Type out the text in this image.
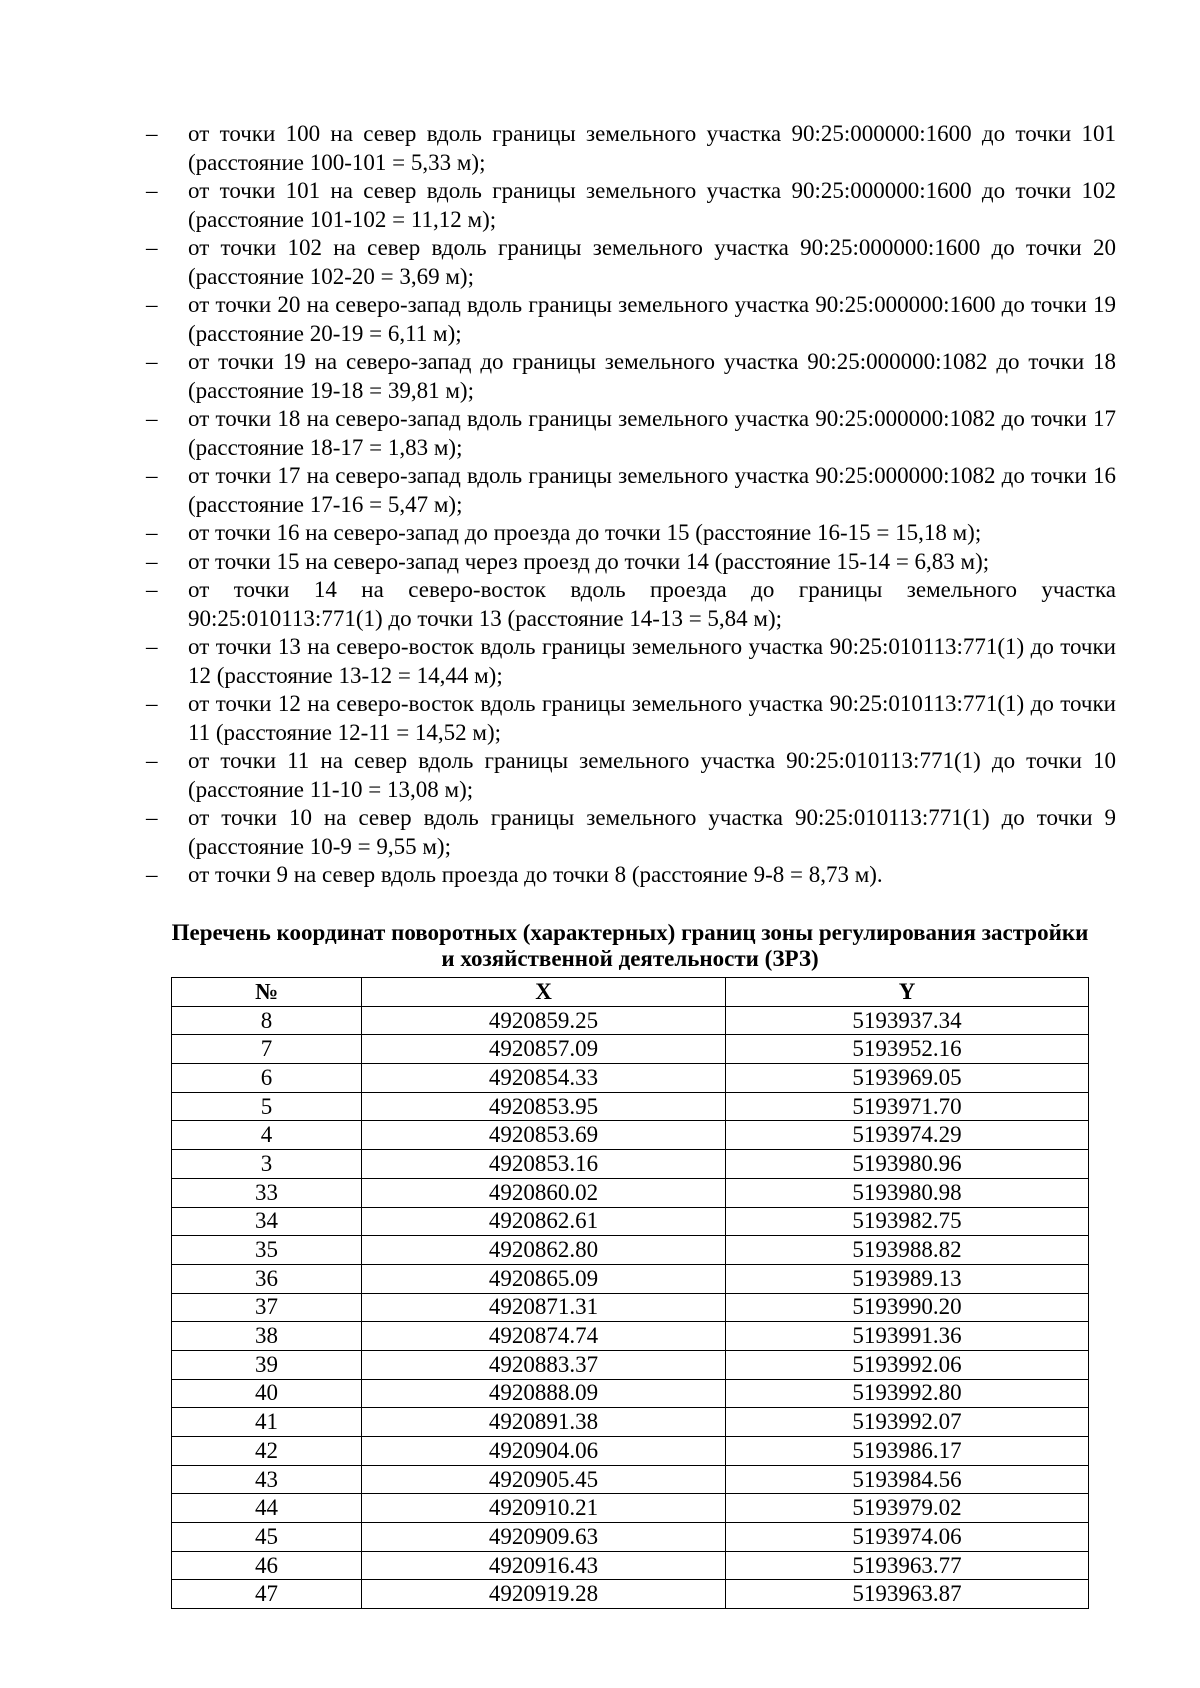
– от точки 100 на север вдоль границы земельного участка 90:25:000000:1600 до точки 101 (расстояние 100-101 = 5,33 м);
– от точки 101 на север вдоль границы земельного участка 90:25:000000:1600 до точки 102 (расстояние 101-102 = 11,12 м);
– от точки 102 на север вдоль границы земельного участка 90:25:000000:1600 до точки 20 (расстояние 102-20 = 3,69 м);
– от точки 20 на северо-запад вдоль границы земельного участка 90:25:000000:1600 до точки 19 (расстояние 20-19 = 6,11 м);
– от точки 19 на северо-запад до границы земельного участка 90:25:000000:1082 до точки 18 (расстояние 19-18 = 39,81 м);
– от точки 18 на северо-запад вдоль границы земельного участка 90:25:000000:1082 до точки 17 (расстояние 18-17 = 1,83 м);
– от точки 17 на северо-запад вдоль границы земельного участка 90:25:000000:1082 до точки 16 (расстояние 17-16 = 5,47 м);
– от точки 16 на северо-запад до проезда до точки 15 (расстояние 16-15 = 15,18 м);
– от точки 15 на северо-запад через проезд до точки 14 (расстояние 15-14 = 6,83 м);
– от точки 14 на северо-восток вдоль проезда до границы земельного участка 90:25:010113:771(1) до точки 13 (расстояние 14-13 = 5,84 м);
– от точки 13 на северо-восток вдоль границы земельного участка 90:25:010113:771(1) до точки 12 (расстояние 13-12 = 14,44 м);
– от точки 12 на северо-восток вдоль границы земельного участка 90:25:010113:771(1) до точки 11 (расстояние 12-11 = 14,52 м);
– от точки 11 на север вдоль границы земельного участка 90:25:010113:771(1) до точки 10 (расстояние 11-10 = 13,08 м);
– от точки 10 на север вдоль границы земельного участка 90:25:010113:771(1) до точки 9 (расстояние 10-9 = 9,55 м);
– от точки 9 на север вдоль проезда до точки 8 (расстояние 9-8 = 8,73 м).
Перечень координат поворотных (характерных) границ зоны регулирования застройки
и хозяйственной деятельности (ЗРЗ)
№	X	Y
8	4920859.25	5193937.34
7	4920857.09	5193952.16
6	4920854.33	5193969.05
5	4920853.95	5193971.70
4	4920853.69	5193974.29
3	4920853.16	5193980.96
33	4920860.02	5193980.98
34	4920862.61	5193982.75
35	4920862.80	5193988.82
36	4920865.09	5193989.13
37	4920871.31	5193990.20
38	4920874.74	5193991.36
39	4920883.37	5193992.06
40	4920888.09	5193992.80
41	4920891.38	5193992.07
42	4920904.06	5193986.17
43	4920905.45	5193984.56
44	4920910.21	5193979.02
45	4920909.63	5193974.06
46	4920916.43	5193963.77
47	4920919.28	5193963.87
